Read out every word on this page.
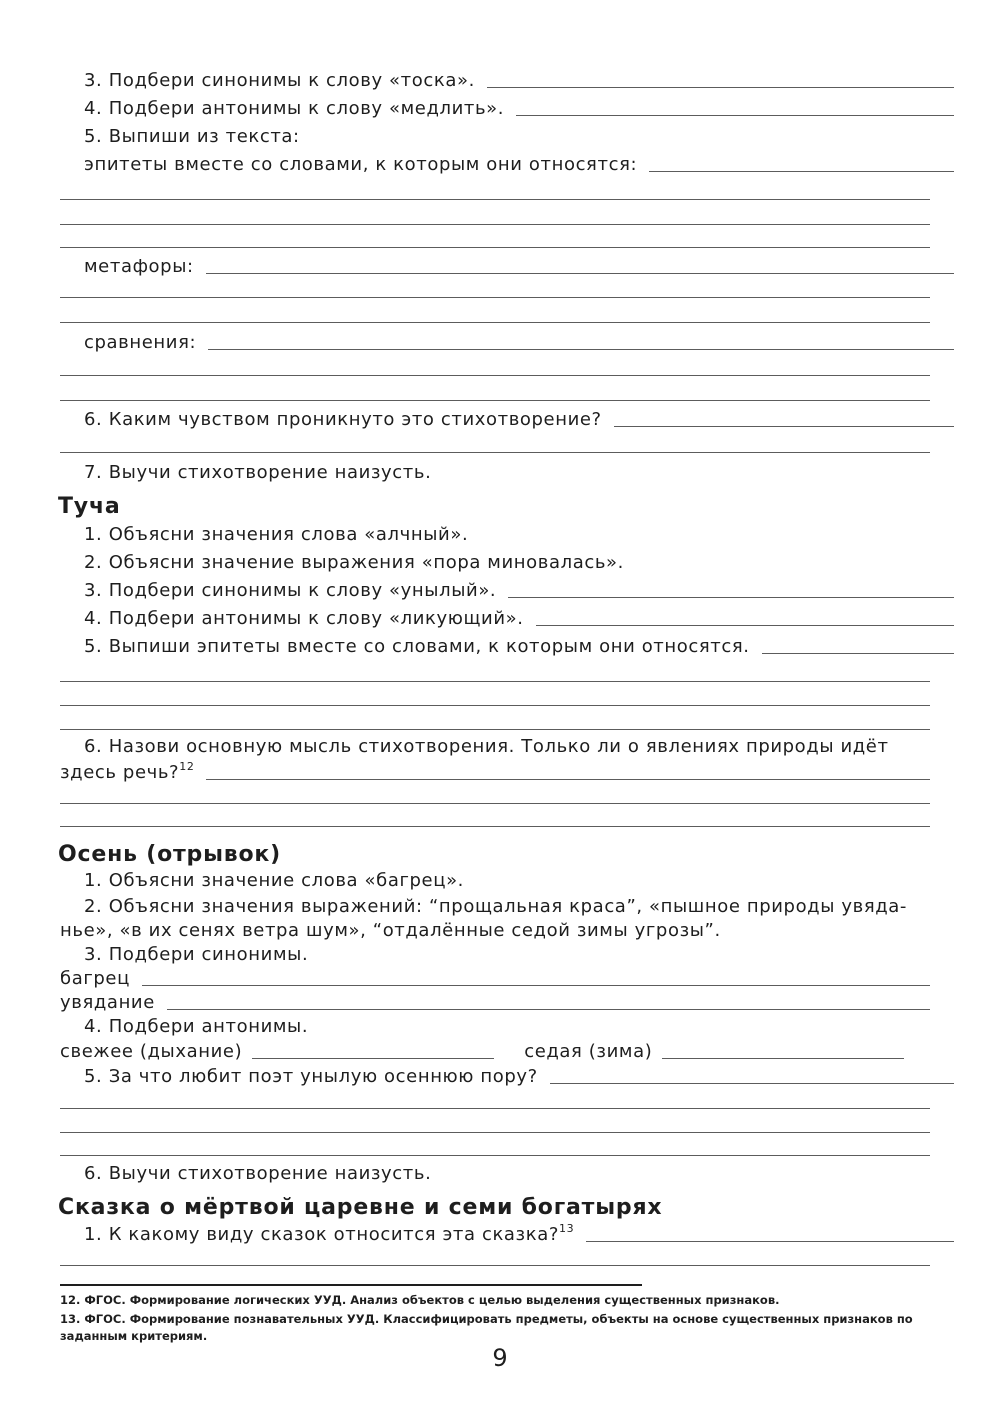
3. Подбери синонимы к слову «тоска».
4. Подбери антонимы к слову «медлить».
5. Выпиши из текста:
эпитеты вместе со словами, к которым они относятся:
метафоры:
сравнения:
6. Каким чувством проникнуто это стихотворение?
7. Выучи стихотворение наизусть.
Туча
1. Объясни значения слова «алчный».
2. Объясни значение выражения «пора миновалась».
3. Подбери синонимы к слову «унылый».
4. Подбери антонимы к слову «ликующий».
5. Выпиши эпитеты вместе со словами, к которым они относятся.
6. Назови основную мысль стихотворения. Только ли о явлениях природы идёт
здесь речь?$^{12}$
Осень (отрывок)
1. Объясни значение слова «багрец».
2. Объясни значения выражений: “прощальная краса”, «пышное природы увяда-
нье», «в их сенях ветра шум», “отдалённые седой зимы угрозы”.
3. Подбери синонимы.
багрец
увядание
4. Подбери антонимы.
свежее (дыхание)	седая (зима)
5. За что любит поэт унылую осеннюю пору?
6. Выучи стихотворение наизусть.
Сказка о мёртвой царевне и семи богатырях
1. К какому виду сказок относится эта сказка?$^{13}$
12. ФГОС. Формирование логических УУД. Анализ объектов с целью выделения существенных признаков.
13. ФГОС. Формирование познавательных УУД. Классифицировать предметы, объекты на основе существенных признаков по заданным критериям.
9
